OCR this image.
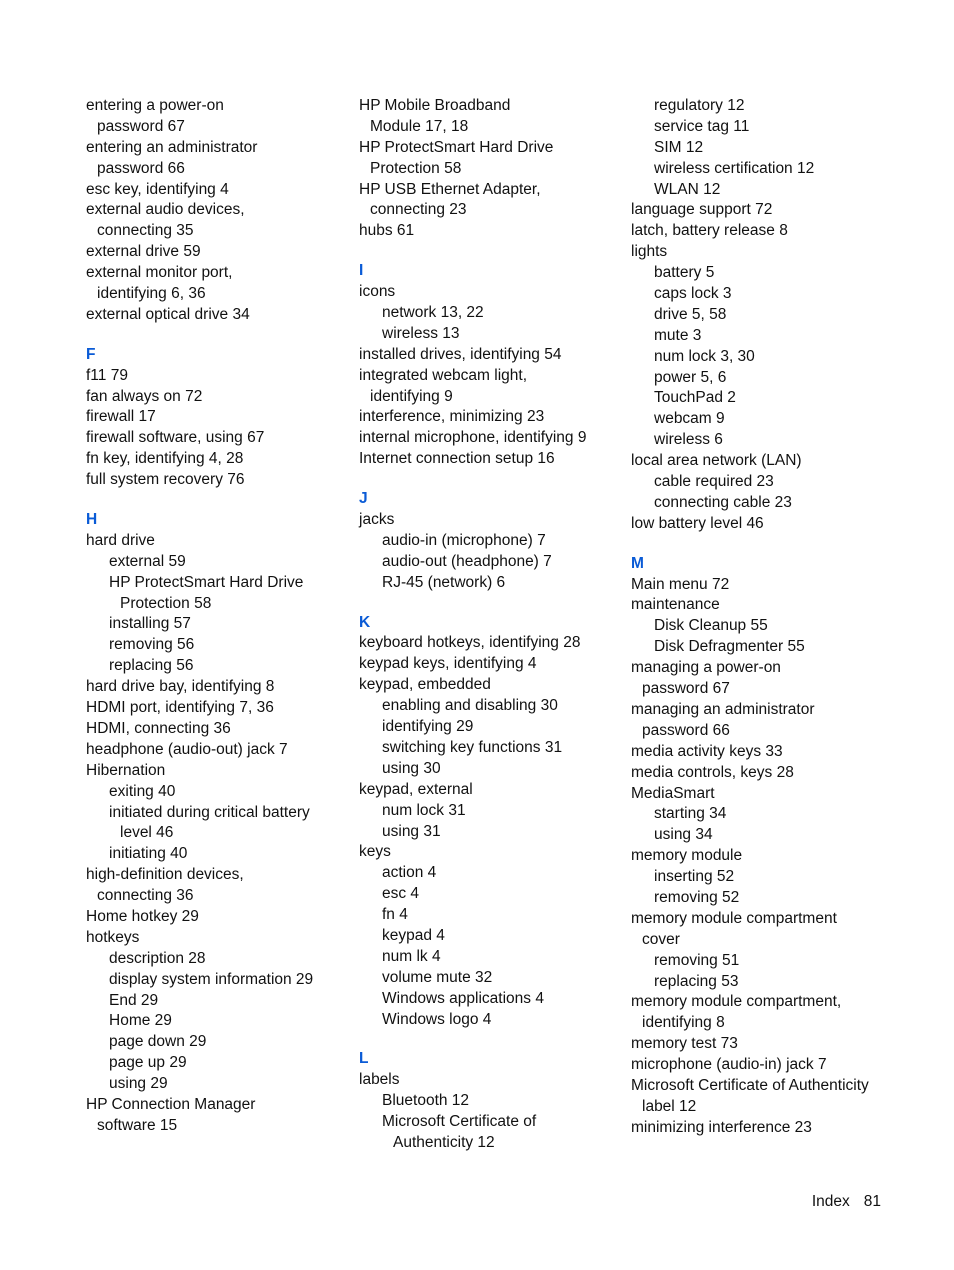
entering a power-on
password 67
entering an administrator
password 66
esc key, identifying 4
external audio devices,
connecting 35
external drive 59
external monitor port,
identifying 6, 36
external optical drive 34
F
f11 79
fan always on 72
firewall 17
firewall software, using 67
fn key, identifying 4, 28
full system recovery 76
H
hard drive
external 59
HP ProtectSmart Hard Drive
Protection 58
installing 57
removing 56
replacing 56
hard drive bay, identifying 8
HDMI port, identifying 7, 36
HDMI, connecting 36
headphone (audio-out) jack 7
Hibernation
exiting 40
initiated during critical battery
level 46
initiating 40
high-definition devices,
connecting 36
Home hotkey 29
hotkeys
description 28
display system information 29
End 29
Home 29
page down 29
page up 29
using 29
HP Connection Manager
software 15
HP Mobile Broadband
Module 17, 18
HP ProtectSmart Hard Drive
Protection 58
HP USB Ethernet Adapter,
connecting 23
hubs 61
I
icons
network 13, 22
wireless 13
installed drives, identifying 54
integrated webcam light,
identifying 9
interference, minimizing 23
internal microphone, identifying 9
Internet connection setup 16
J
jacks
audio-in (microphone) 7
audio-out (headphone) 7
RJ-45 (network) 6
K
keyboard hotkeys, identifying 28
keypad keys, identifying 4
keypad, embedded
enabling and disabling 30
identifying 29
switching key functions 31
using 30
keypad, external
num lock 31
using 31
keys
action 4
esc 4
fn 4
keypad 4
num lk 4
volume mute 32
Windows applications 4
Windows logo 4
L
labels
Bluetooth 12
Microsoft Certificate of
Authenticity 12
regulatory 12
service tag 11
SIM 12
wireless certification 12
WLAN 12
language support 72
latch, battery release 8
lights
battery 5
caps lock 3
drive 5, 58
mute 3
num lock 3, 30
power 5, 6
TouchPad 2
webcam 9
wireless 6
local area network (LAN)
cable required 23
connecting cable 23
low battery level 46
M
Main menu 72
maintenance
Disk Cleanup 55
Disk Defragmenter 55
managing a power-on
password 67
managing an administrator
password 66
media activity keys 33
media controls, keys 28
MediaSmart
starting 34
using 34
memory module
inserting 52
removing 52
memory module compartment
cover
removing 51
replacing 53
memory module compartment,
identifying 8
memory test 73
microphone (audio-in) jack 7
Microsoft Certificate of Authenticity
label 12
minimizing interference 23
Index 81
